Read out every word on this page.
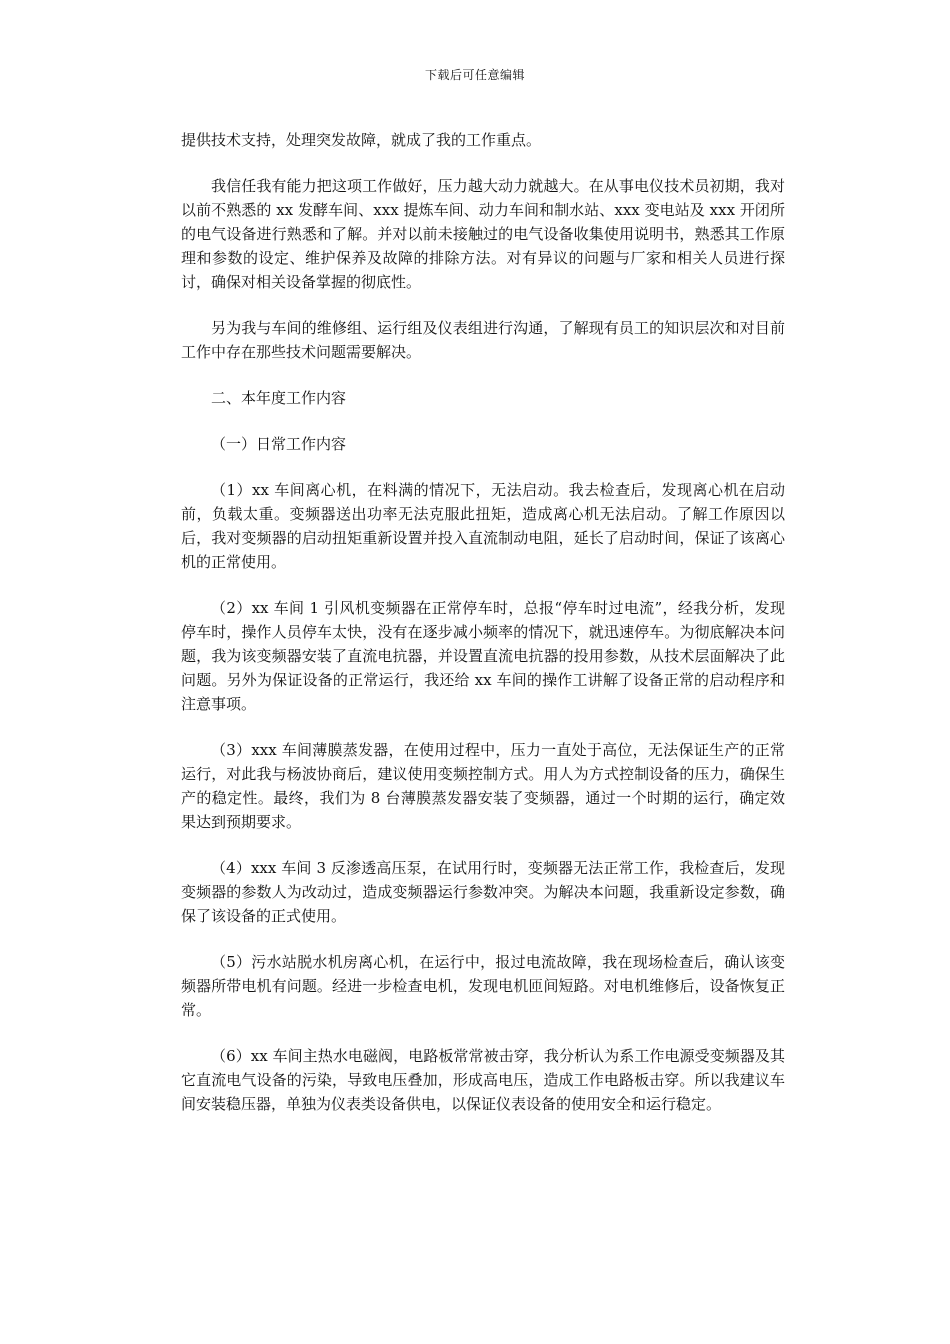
下载后可任意编辑

提供技术支持，处理突发故障，就成了我的工作重点。

我信任我有能力把这项工作做好，压力越大动力就越大。在从事电仪技术员初期，我对以前不熟悉的 xx 发酵车间、xxx 提炼车间、动力车间和制水站、xxx 变电站及 xxx 开闭所的电气设备进行熟悉和了解。并对以前未接触过的电气设备收集使用说明书，熟悉其工作原理和参数的设定、维护保养及故障的排除方法。对有异议的问题与厂家和相关人员进行探讨，确保对相关设备掌握的彻底性。

另为我与车间的维修组、运行组及仪表组进行沟通，了解现有员工的知识层次和对目前工作中存在那些技术问题需要解决。

二、本年度工作内容

（一）日常工作内容

（1）xx 车间离心机，在料满的情况下，无法启动。我去检查后，发现离心机在启动前，负载太重。变频器送出功率无法克服此扭矩，造成离心机无法启动。了解工作原因以后，我对变频器的启动扭矩重新设置并投入直流制动电阻，延长了启动时间，保证了该离心机的正常使用。

（2）xx 车间 1 引风机变频器在正常停车时，总报“停车时过电流”，经我分析，发现停车时，操作人员停车太快，没有在逐步减小频率的情况下，就迅速停车。为彻底解决本问题，我为该变频器安装了直流电抗器，并设置直流电抗器的投用参数，从技术层面解决了此问题。另外为保证设备的正常运行，我还给 xx 车间的操作工讲解了设备正常的启动程序和注意事项。

（3）xxx 车间薄膜蒸发器，在使用过程中，压力一直处于高位，无法保证生产的正常运行，对此我与杨波协商后，建议使用变频控制方式。用人为方式控制设备的压力，确保生产的稳定性。最终，我们为 8 台薄膜蒸发器安装了变频器，通过一个时期的运行，确定效果达到预期要求。

（4）xxx 车间 3 反渗透高压泵，在试用行时，变频器无法正常工作，我检查后，发现变频器的参数人为改动过，造成变频器运行参数冲突。为解决本问题，我重新设定参数，确保了该设备的正式使用。

（5）污水站脱水机房离心机，在运行中，报过电流故障，我在现场检查后，确认该变频器所带电机有问题。经进一步检查电机，发现电机匝间短路。对电机维修后，设备恢复正常。

（6）xx 车间主热水电磁阀，电路板常常被击穿，我分析认为系工作电源受变频器及其它直流电气设备的污染，导致电压叠加，形成高电压，造成工作电路板击穿。所以我建议车间安装稳压器，单独为仪表类设备供电，以保证仪表设备的使用安全和运行稳定。
